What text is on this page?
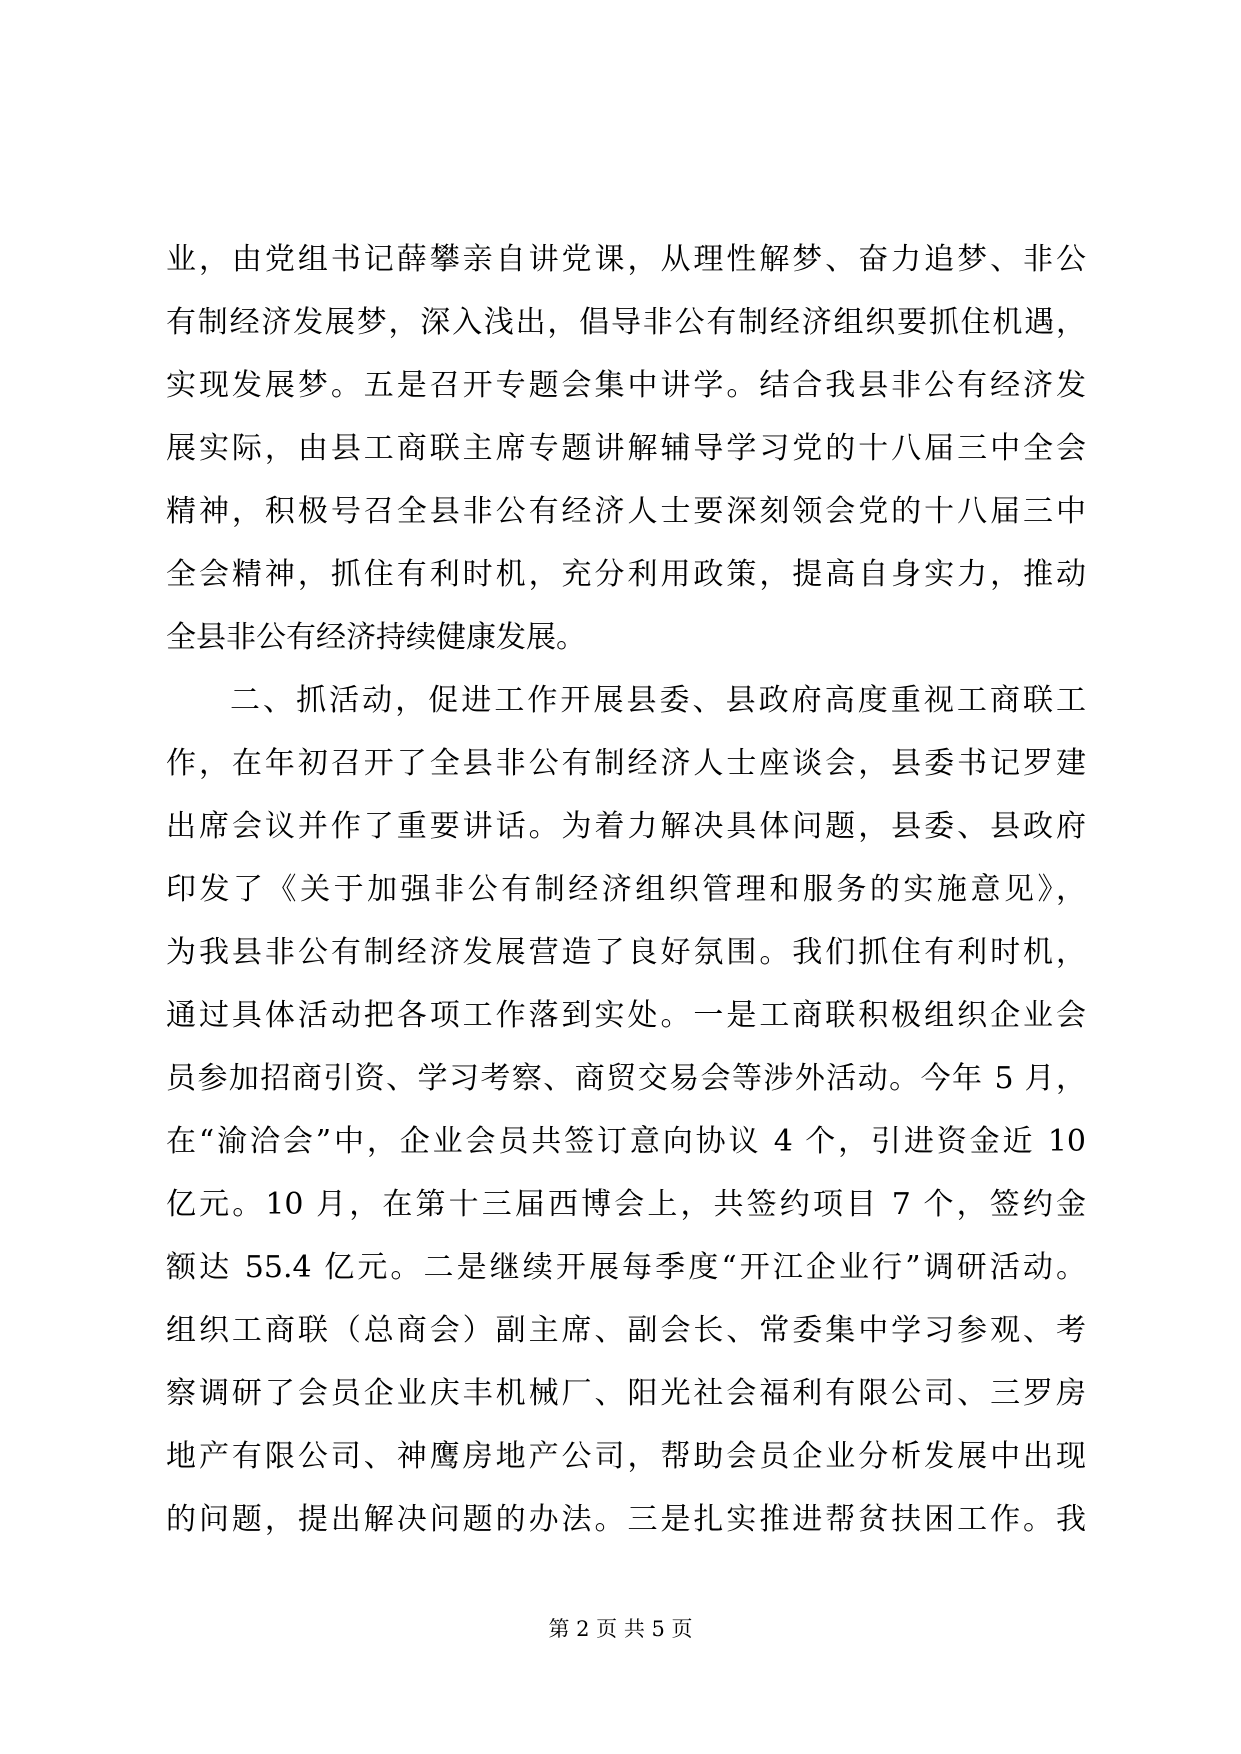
业，由党组书记薛攀亲自讲党课，从理性解梦、奋力追梦、非公
有制经济发展梦，深入浅出，倡导非公有制经济组织要抓住机遇，
实现发展梦。五是召开专题会集中讲学。结合我县非公有经济发
展实际，由县工商联主席专题讲解辅导学习党的十八届三中全会
精神，积极号召全县非公有经济人士要深刻领会党的十八届三中
全会精神，抓住有利时机，充分利用政策，提高自身实力，推动
全县非公有经济持续健康发展。
二、抓活动，促进工作开展县委、县政府高度重视工商联工
作，在年初召开了全县非公有制经济人士座谈会，县委书记罗建
出席会议并作了重要讲话。为着力解决具体问题，县委、县政府
印发了《关于加强非公有制经济组织管理和服务的实施意见》，
为我县非公有制经济发展营造了良好氛围。我们抓住有利时机，
通过具体活动把各项工作落到实处。一是工商联积极组织企业会
员参加招商引资、学习考察、商贸交易会等涉外活动。今年 5 月，
在“渝洽会”中，企业会员共签订意向协议 4 个，引进资金近 10
亿元。10 月，在第十三届西博会上，共签约项目 7 个，签约金
额达 55.4 亿元。二是继续开展每季度“开江企业行”调研活动。
组织工商联（总商会）副主席、副会长、常委集中学习参观、考
察调研了会员企业庆丰机械厂、阳光社会福利有限公司、三罗房
地产有限公司、神鹰房地产公司，帮助会员企业分析发展中出现
的问题，提出解决问题的办法。三是扎实推进帮贫扶困工作。我
第 2 页 共 5 页
